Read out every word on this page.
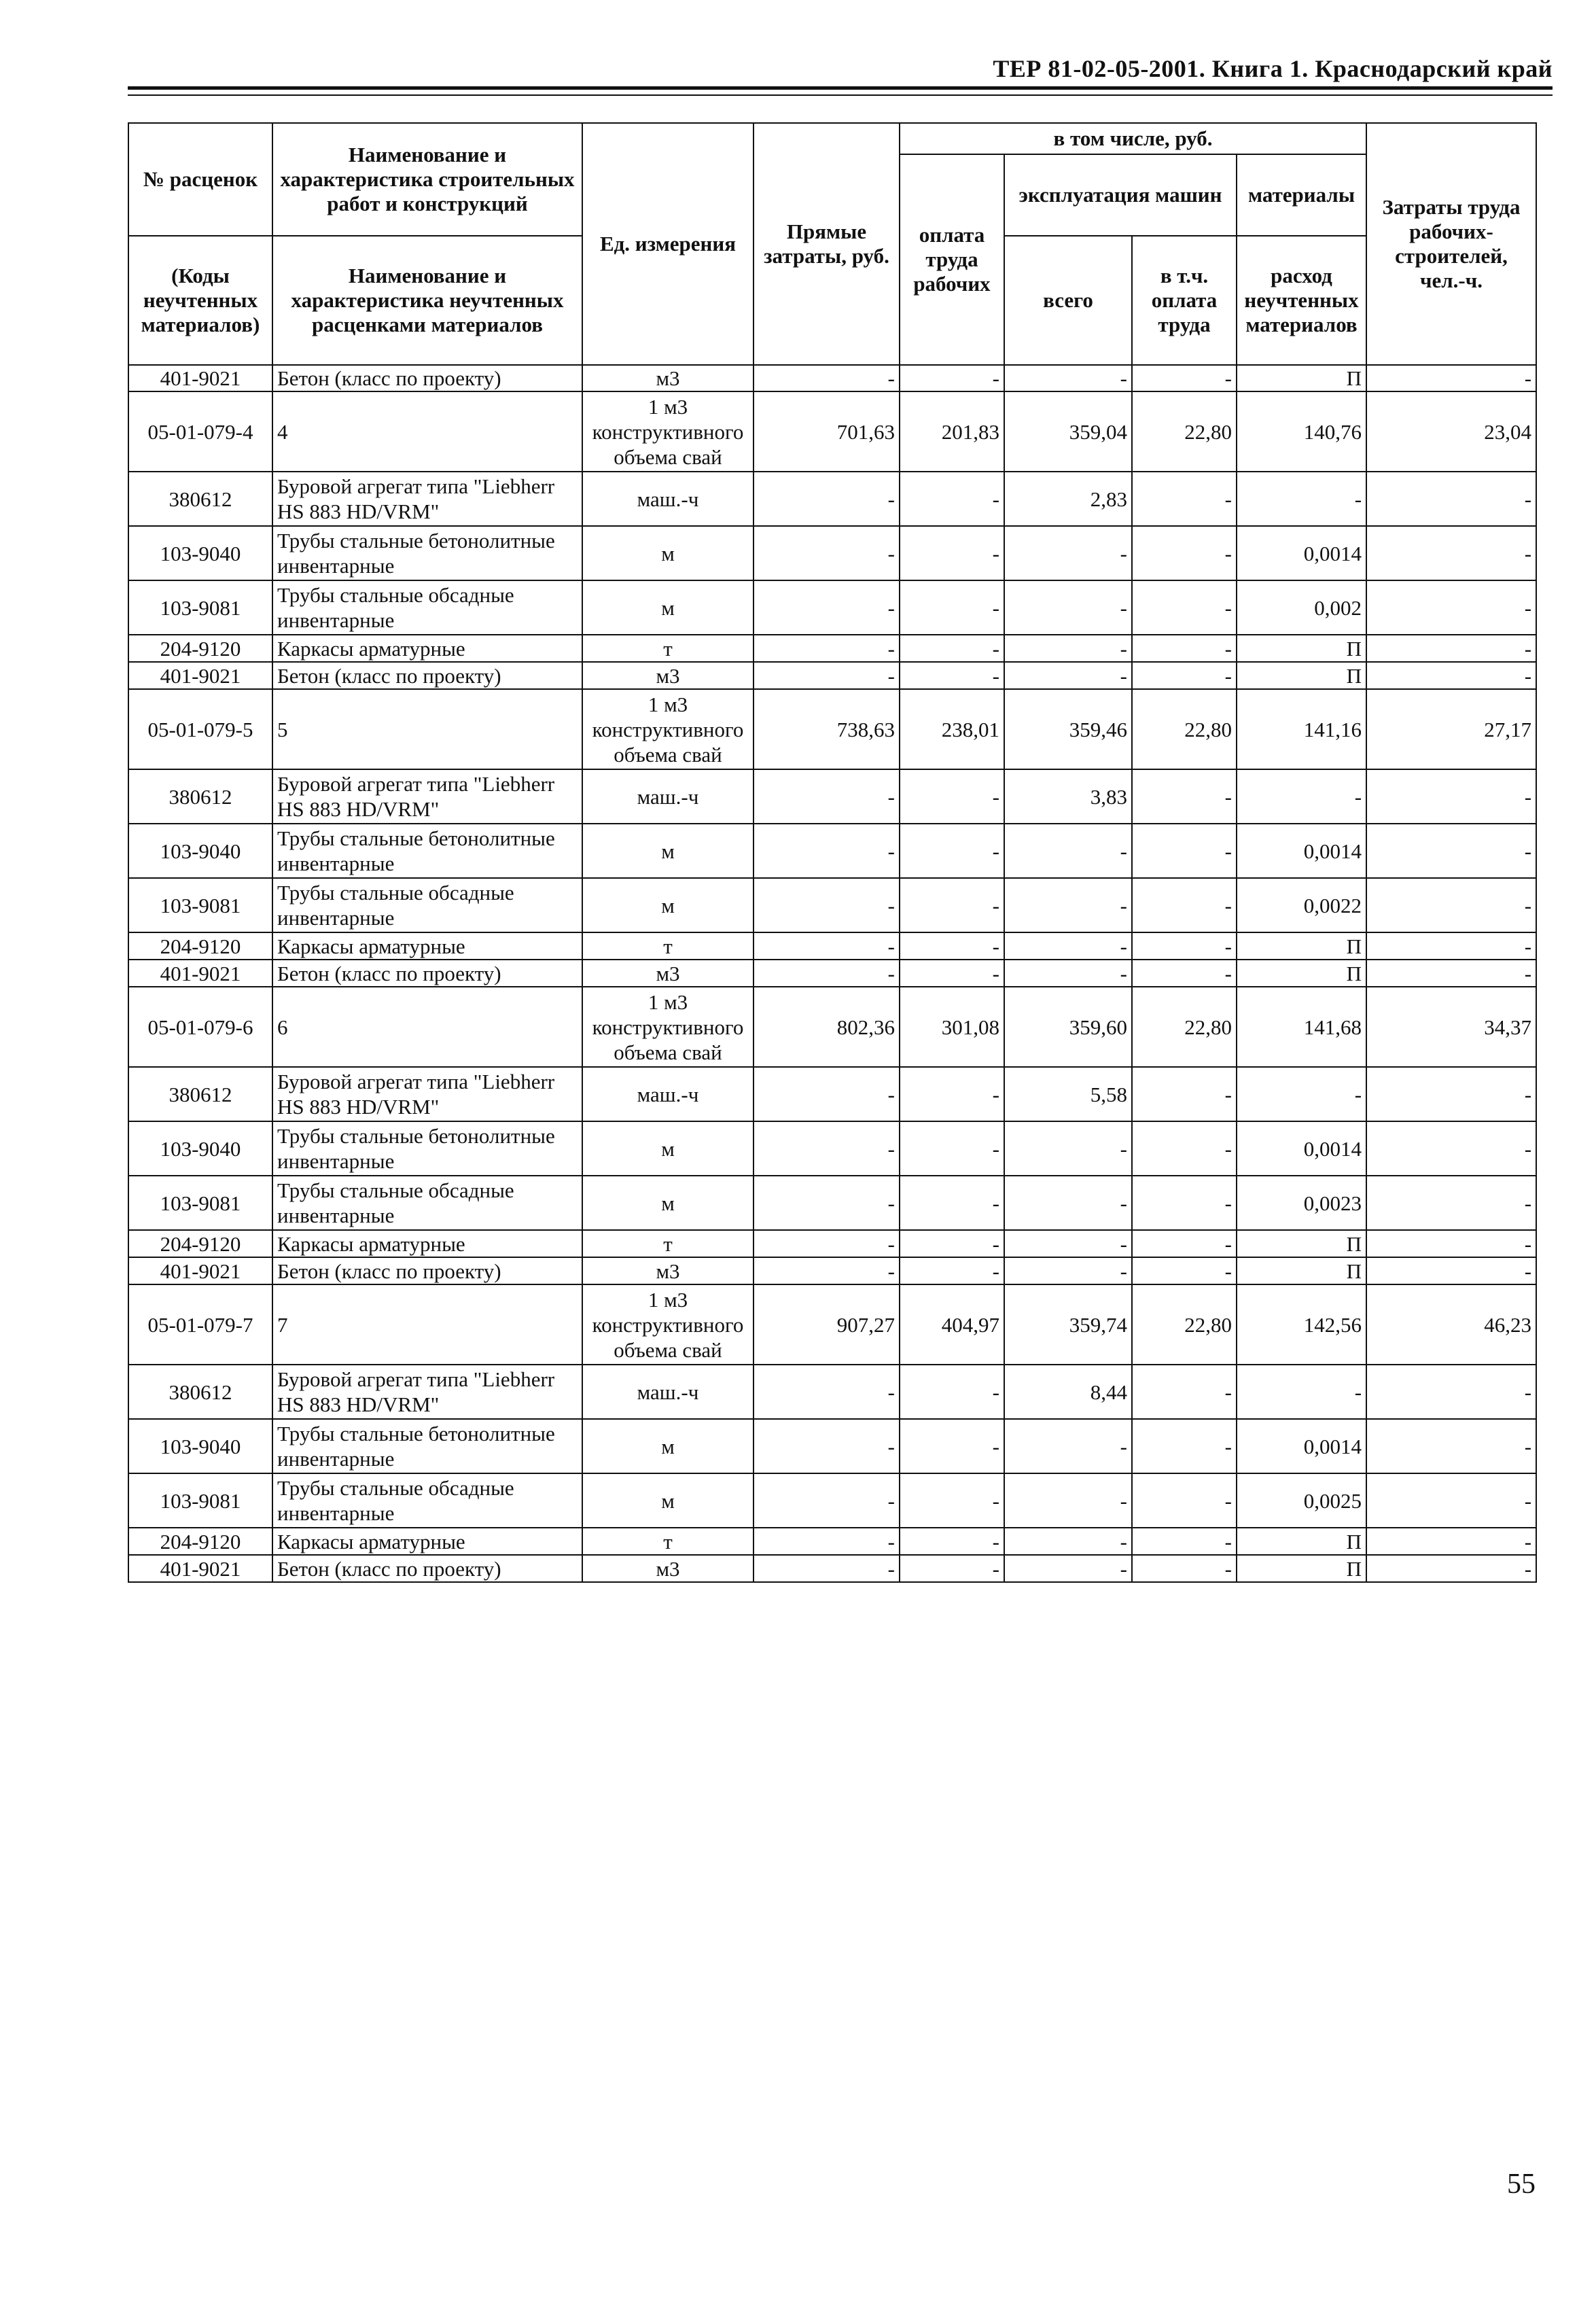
ТЕР 81-02-05-2001. Книга 1. Краснодарский край
№ расценок	Наименование и характеристика строительных работ и конструкций	Ед. измерения	Прямые затраты, руб.	в том числе, руб.				Затраты труда рабочих-строителей, чел.-ч.
				оплата труда рабочих	эксплуатация машин		материалы	
(Коды неучтенных материалов)	Наименование и характеристика неучтенных расценками материалов				всего	в т.ч. оплата труда	расход неучтенных материалов	

401-9021	Бетон (класс по проекту)	м3	-	-	-	-	П	-
05-01-079-4	4	1 м3 конструктивного объема свай	701,63	201,83	359,04	22,80	140,76	23,04
380612	Буровой агрегат типа "Liebherr HS 883 HD/VRM"	маш.-ч	-	-	2,83	-	-	-
103-9040	Трубы стальные бетонолитные инвентарные	м	-	-	-	-	0,0014	-
103-9081	Трубы стальные обсадные инвентарные	м	-	-	-	-	0,002	-
204-9120	Каркасы арматурные	т	-	-	-	-	П	-
401-9021	Бетон (класс по проекту)	м3	-	-	-	-	П	-
05-01-079-5	5	1 м3 конструктивного объема свай	738,63	238,01	359,46	22,80	141,16	27,17
380612	Буровой агрегат типа "Liebherr HS 883 HD/VRM"	маш.-ч	-	-	3,83	-	-	-
103-9040	Трубы стальные бетонолитные инвентарные	м	-	-	-	-	0,0014	-
103-9081	Трубы стальные обсадные инвентарные	м	-	-	-	-	0,0022	-
204-9120	Каркасы арматурные	т	-	-	-	-	П	-
401-9021	Бетон (класс по проекту)	м3	-	-	-	-	П	-
05-01-079-6	6	1 м3 конструктивного объема свай	802,36	301,08	359,60	22,80	141,68	34,37
380612	Буровой агрегат типа "Liebherr HS 883 HD/VRM"	маш.-ч	-	-	5,58	-	-	-
103-9040	Трубы стальные бетонолитные инвентарные	м	-	-	-	-	0,0014	-
103-9081	Трубы стальные обсадные инвентарные	м	-	-	-	-	0,0023	-
204-9120	Каркасы арматурные	т	-	-	-	-	П	-
401-9021	Бетон (класс по проекту)	м3	-	-	-	-	П	-
05-01-079-7	7	1 м3 конструктивного объема свай	907,27	404,97	359,74	22,80	142,56	46,23
380612	Буровой агрегат типа "Liebherr HS 883 HD/VRM"	маш.-ч	-	-	8,44	-	-	-
103-9040	Трубы стальные бетонолитные инвентарные	м	-	-	-	-	0,0014	-
103-9081	Трубы стальные обсадные инвентарные	м	-	-	-	-	0,0025	-
204-9120	Каркасы арматурные	т	-	-	-	-	П	-
401-9021	Бетон (класс по проекту)	м3	-	-	-	-	П	-
55
